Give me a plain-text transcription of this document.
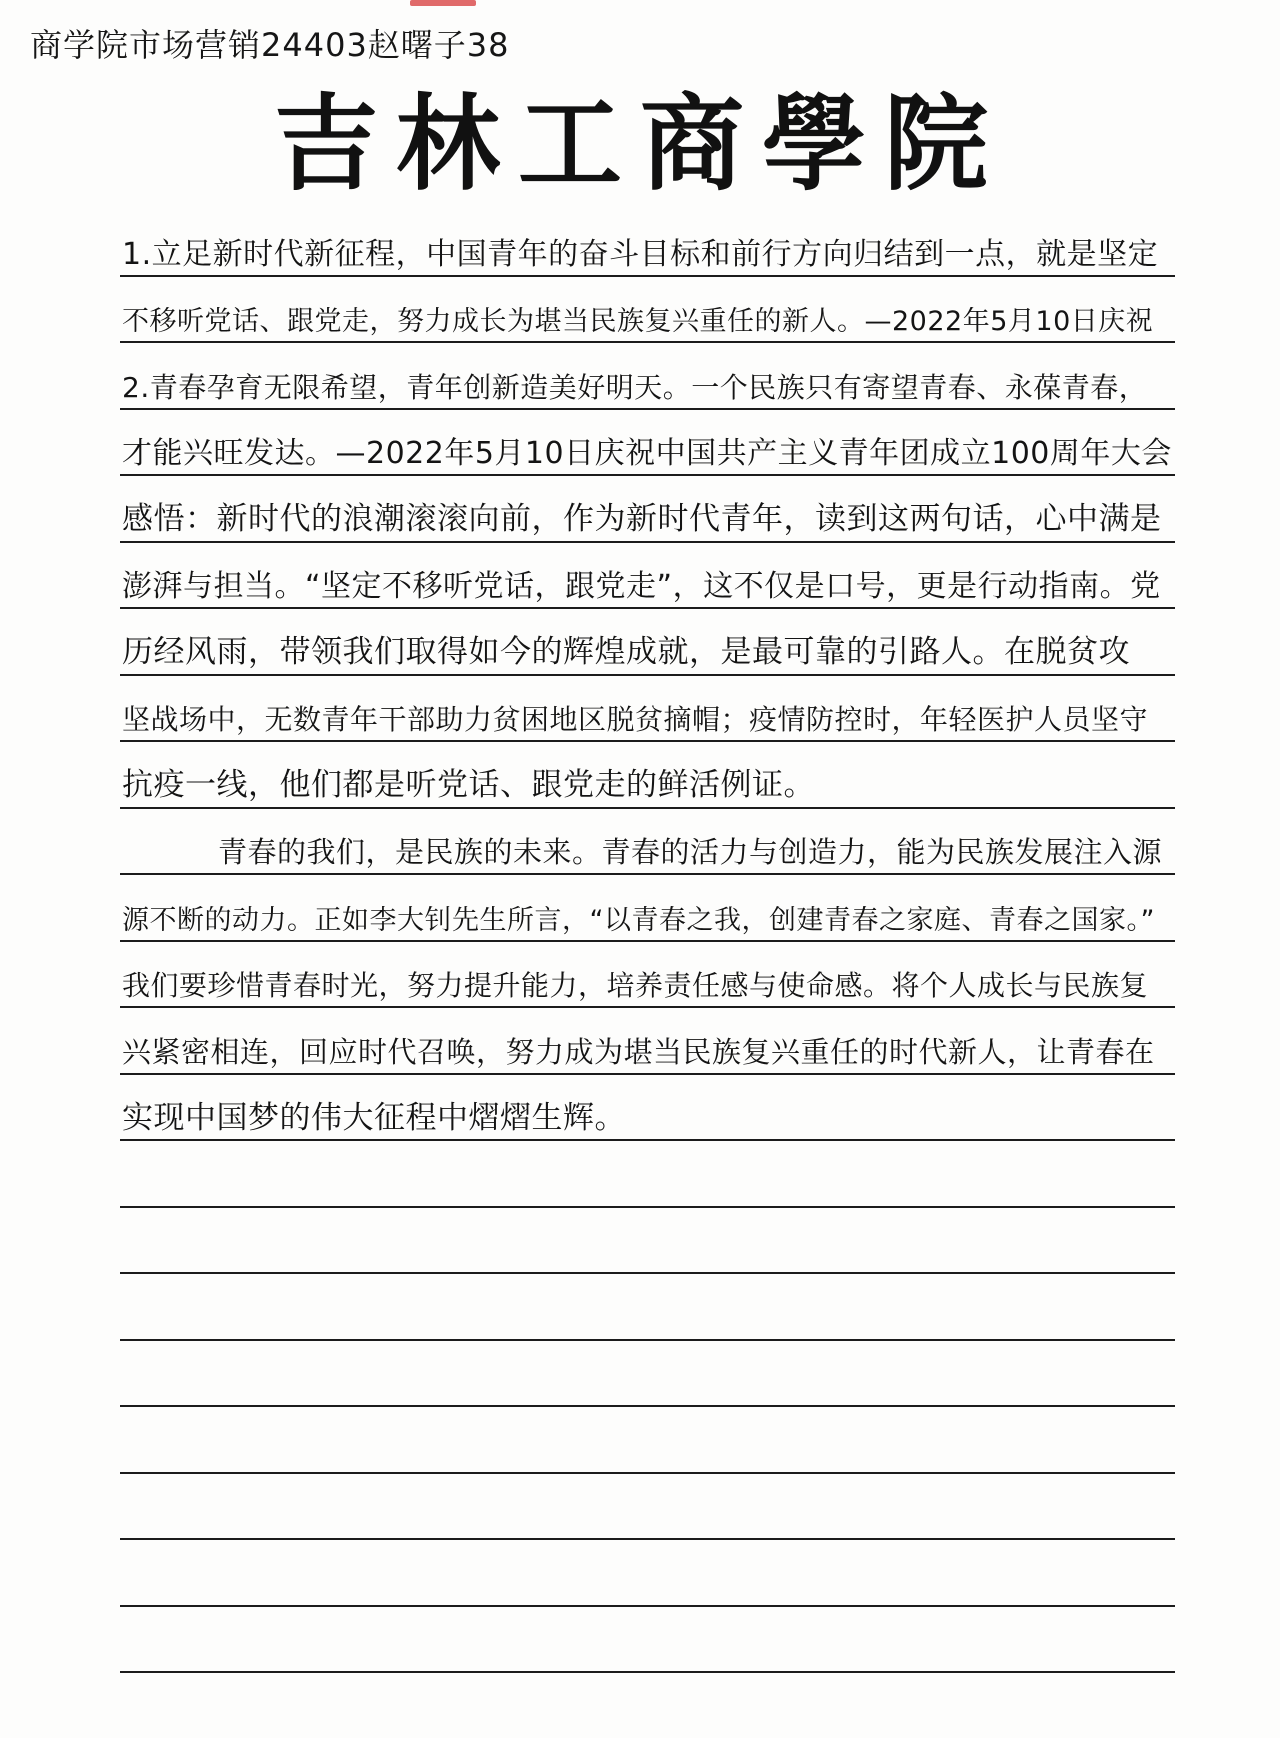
商学院市场营销24403赵曙子38
吉林工商學院
1.立足新时代新征程，中国青年的奋斗目标和前行方向归结到一点，就是坚定
不移听党话、跟党走，努力成长为堪当民族复兴重任的新人。—2022年5月10日庆祝
2.青春孕育无限希望，青年创新造美好明天。一个民族只有寄望青春、永葆青春，
才能兴旺发达。—2022年5月10日庆祝中国共产主义青年团成立100周年大会
感悟：新时代的浪潮滚滚向前，作为新时代青年，读到这两句话，心中满是
澎湃与担当。“坚定不移听党话，跟党走”，这不仅是口号，更是行动指南。党
历经风雨，带领我们取得如今的辉煌成就，是最可靠的引路人。在脱贫攻
坚战场中，无数青年干部助力贫困地区脱贫摘帽；疫情防控时，年轻医护人员坚守
抗疫一线，他们都是听党话、跟党走的鲜活例证。
青春的我们，是民族的未来。青春的活力与创造力，能为民族发展注入源
源不断的动力。正如李大钊先生所言，“以青春之我，创建青春之家庭、青春之国家。”
我们要珍惜青春时光，努力提升能力，培养责任感与使命感。将个人成长与民族复
兴紧密相连，回应时代召唤，努力成为堪当民族复兴重任的时代新人，让青春在
实现中国梦的伟大征程中熠熠生辉。
